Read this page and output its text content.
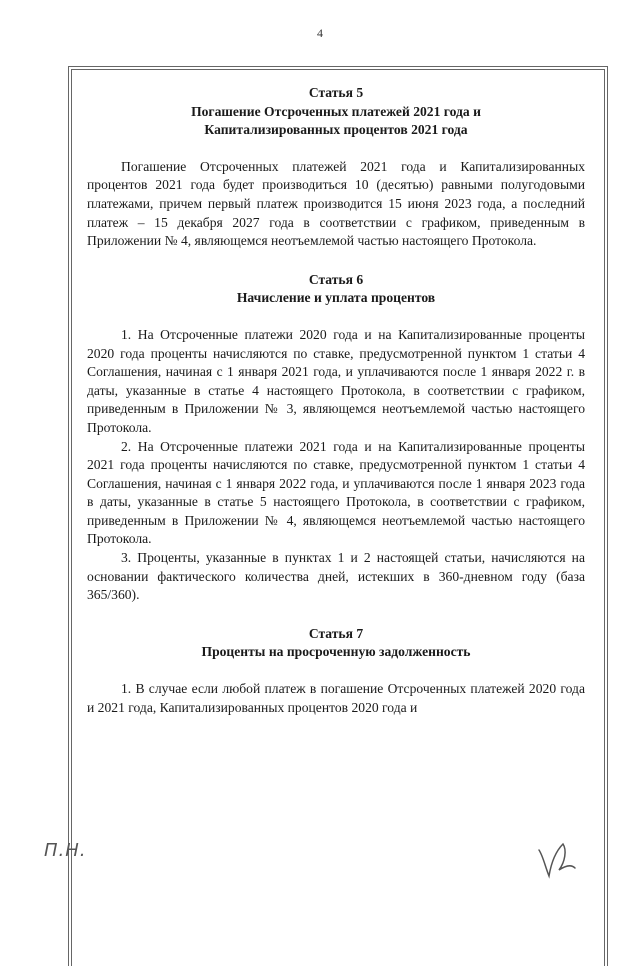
4
Статья 5
Погашение Отсроченных платежей 2021 года и
Капитализированных процентов 2021 года

Погашение Отсроченных платежей 2021 года и Капитализированных процентов 2021 года будет производиться 10 (десятью) равными полугодовыми платежами, причем первый платеж производится 15 июня 2023 года, а последний платеж – 15 декабря 2027 года в соответствии с графиком, приведенным в Приложении № 4, являющемся неотъемлемой частью настоящего Протокола.

Статья 6
Начисление и уплата процентов

1. На Отсроченные платежи 2020 года и на Капитализированные проценты 2020 года проценты начисляются по ставке, предусмотренной пунктом 1 статьи 4 Соглашения, начиная с 1 января 2021 года, и уплачиваются после 1 января 2022 г. в даты, указанные в статье 4 настоящего Протокола, в соответствии с графиком, приведенным в Приложении № 3, являющемся неотъемлемой частью настоящего Протокола.

2. На Отсроченные платежи 2021 года и на Капитализированные проценты 2021 года проценты начисляются по ставке, предусмотренной пунктом 1 статьи 4 Соглашения, начиная с 1 января 2022 года, и уплачиваются после 1 января 2023 года в даты, указанные в статье 5 настоящего Протокола, в соответствии с графиком, приведенным в Приложении № 4, являющемся неотъемлемой частью настоящего Протокола.

3. Проценты, указанные в пунктах 1 и 2 настоящей статьи, начисляются на основании фактического количества дней, истекших в 360-дневном году (база 365/360).

Статья 7
Проценты на просроченную задолженность

1. В случае если любой платеж в погашение Отсроченных платежей 2020 года и 2021 года, Капитализированных процентов 2020 года и

П.Н.
